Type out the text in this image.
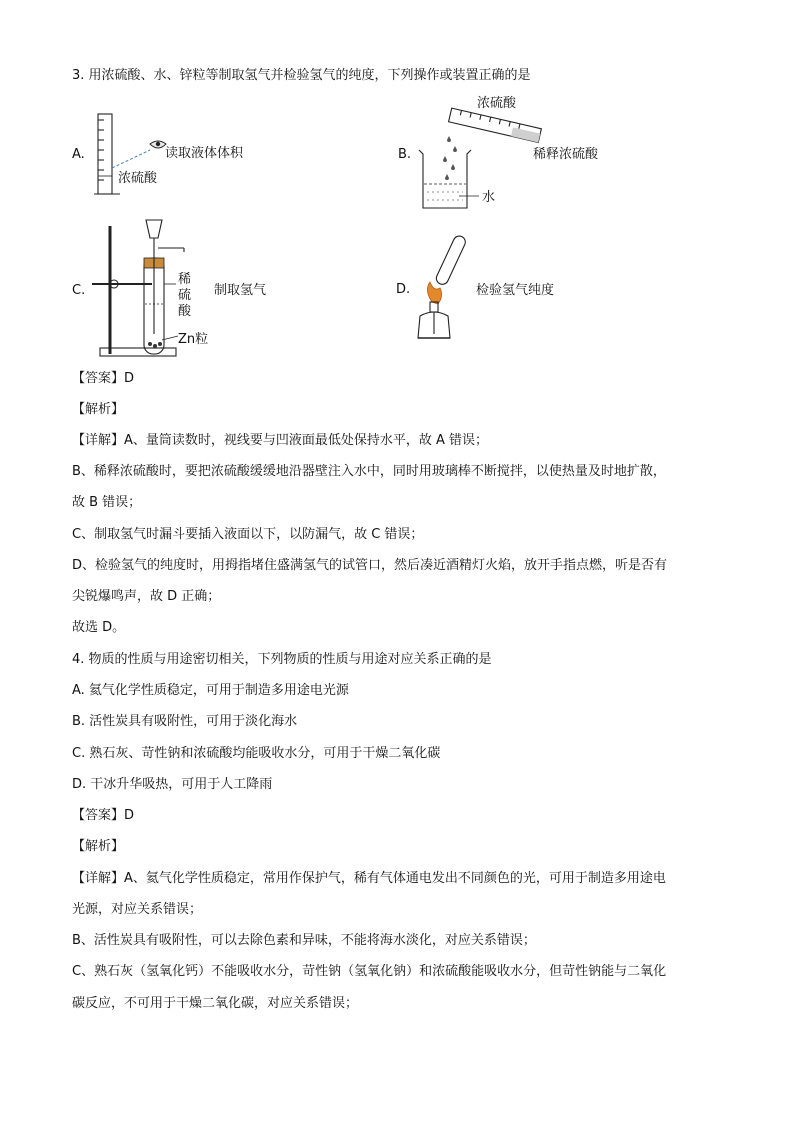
3. 用浓硫酸、水、锌粒等制取氢气并检验氢气的纯度，下列操作或装置正确的是
A.	读取液体体积
浓硫酸
B.
浓硫酸
稀释浓硫酸
水
C.
稀
硫
酸
Zn粒
制取氢气	D.	检验氢气纯度
【答案】D
【解析】
【详解】A、量筒读数时，视线要与凹液面最低处保持水平，故 A 错误；
B、稀释浓硫酸时，要把浓硫酸缓缓地沿器壁注入水中，同时用玻璃棒不断搅拌，以使热量及时地扩散，
故 B 错误；
C、制取氢气时漏斗要插入液面以下，以防漏气，故 C 错误；
D、检验氢气的纯度时，用拇指堵住盛满氢气的试管口，然后凑近酒精灯火焰，放开手指点燃，听是否有
尖锐爆鸣声，故 D 正确；
故选 D。
4. 物质的性质与用途密切相关，下列物质的性质与用途对应关系正确的是
A. 氦气化学性质稳定，可用于制造多用途电光源
B. 活性炭具有吸附性，可用于淡化海水
C. 熟石灰、苛性钠和浓硫酸均能吸收水分，可用于干燥二氧化碳
D. 干冰升华吸热，可用于人工降雨
【答案】D
【解析】
【详解】A、氦气化学性质稳定，常用作保护气，稀有气体通电发出不同颜色的光，可用于制造多用途电
光源，对应关系错误；
B、活性炭具有吸附性，可以去除色素和异味，不能将海水淡化，对应关系错误；
C、熟石灰（氢氧化钙）不能吸收水分，苛性钠（氢氧化钠）和浓硫酸能吸收水分，但苛性钠能与二氧化
碳反应，不可用于干燥二氧化碳，对应关系错误；
